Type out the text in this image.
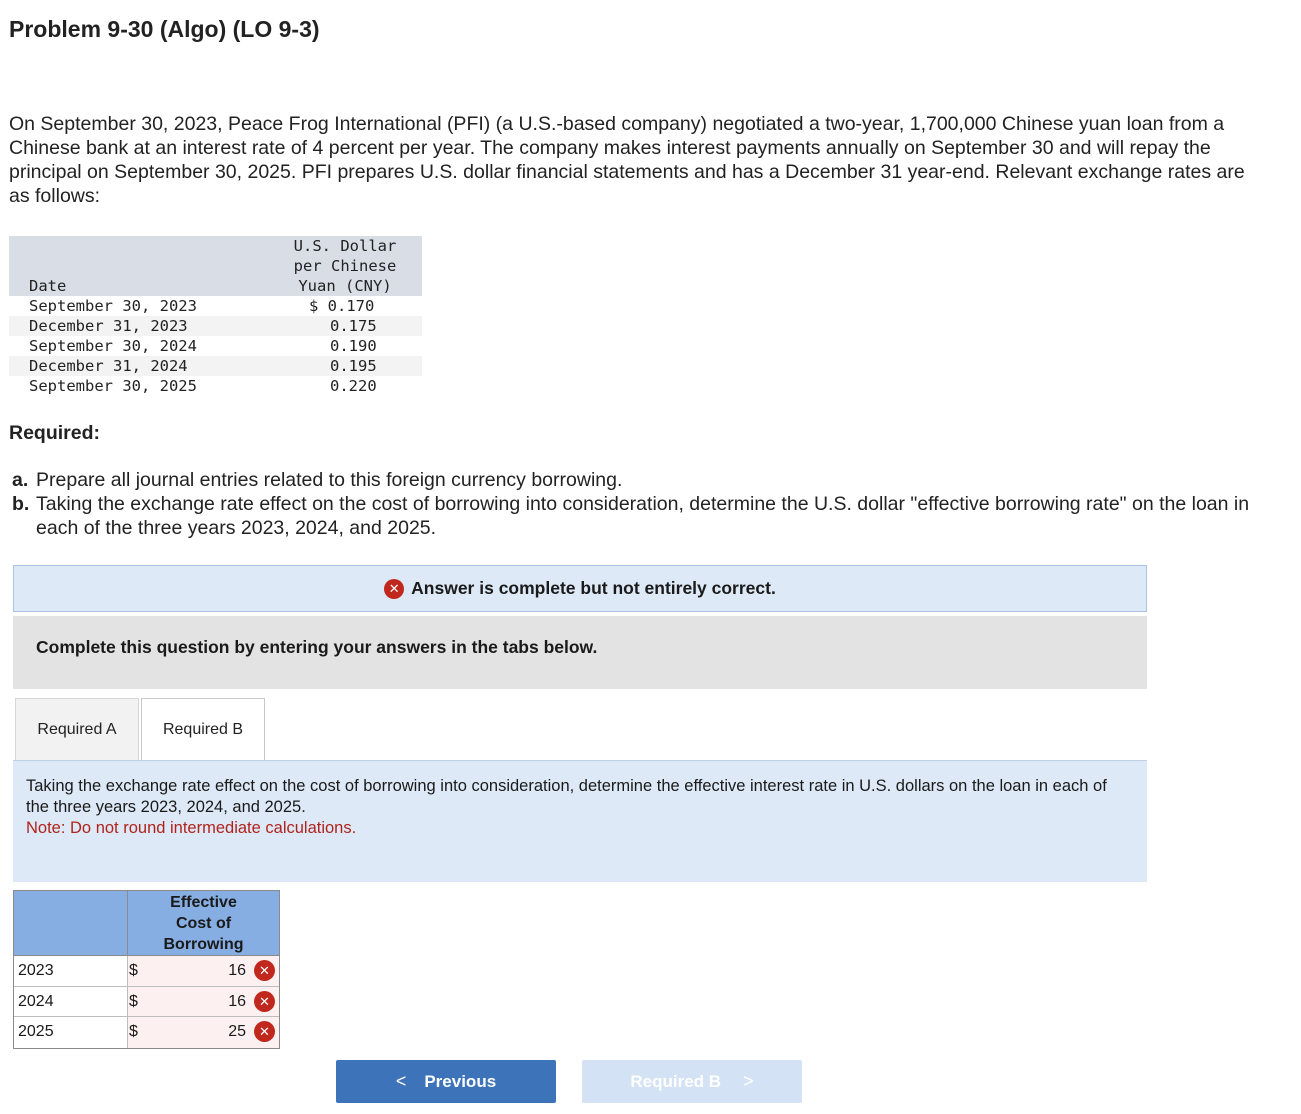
Problem 9-30 (Algo) (LO 9-3)

On September 30, 2023, Peace Frog International (PFI) (a U.S.-based company) negotiated a two-year, 1,700,000 Chinese yuan loan from a Chinese bank at an interest rate of 4 percent per year. The company makes interest payments annually on September 30 and will repay the principal on September 30, 2025. PFI prepares U.S. dollar financial statements and has a December 31 year-end. Relevant exchange rates are as follows:

Date
U.S. Dollar
per Chinese
Yuan (CNY)
September 30, 2023	$ 0.170
December 31, 2023	0.175
September 30, 2024	0.190
December 31, 2024	0.195
September 30, 2025	0.220

Required:

a. Prepare all journal entries related to this foreign currency borrowing.
b. Taking the exchange rate effect on the cost of borrowing into consideration, determine the U.S. dollar "effective borrowing rate" on the loan in each of the three years 2023, 2024, and 2025.
✕ Answer is complete but not entirely correct.
Complete this question by entering your answers in the tabs below.
Required A	Required B
Taking the exchange rate effect on the cost of borrowing into consideration, determine the effective interest rate in U.S. dollars on the loan in each of the three years 2023, 2024, and 2025.
Note: Do not round intermediate calculations.
Effective
Cost of
Borrowing
2023	$	16	✕
2024	$	16	✕
2025	$	25	✕
< Previous	Required B >
